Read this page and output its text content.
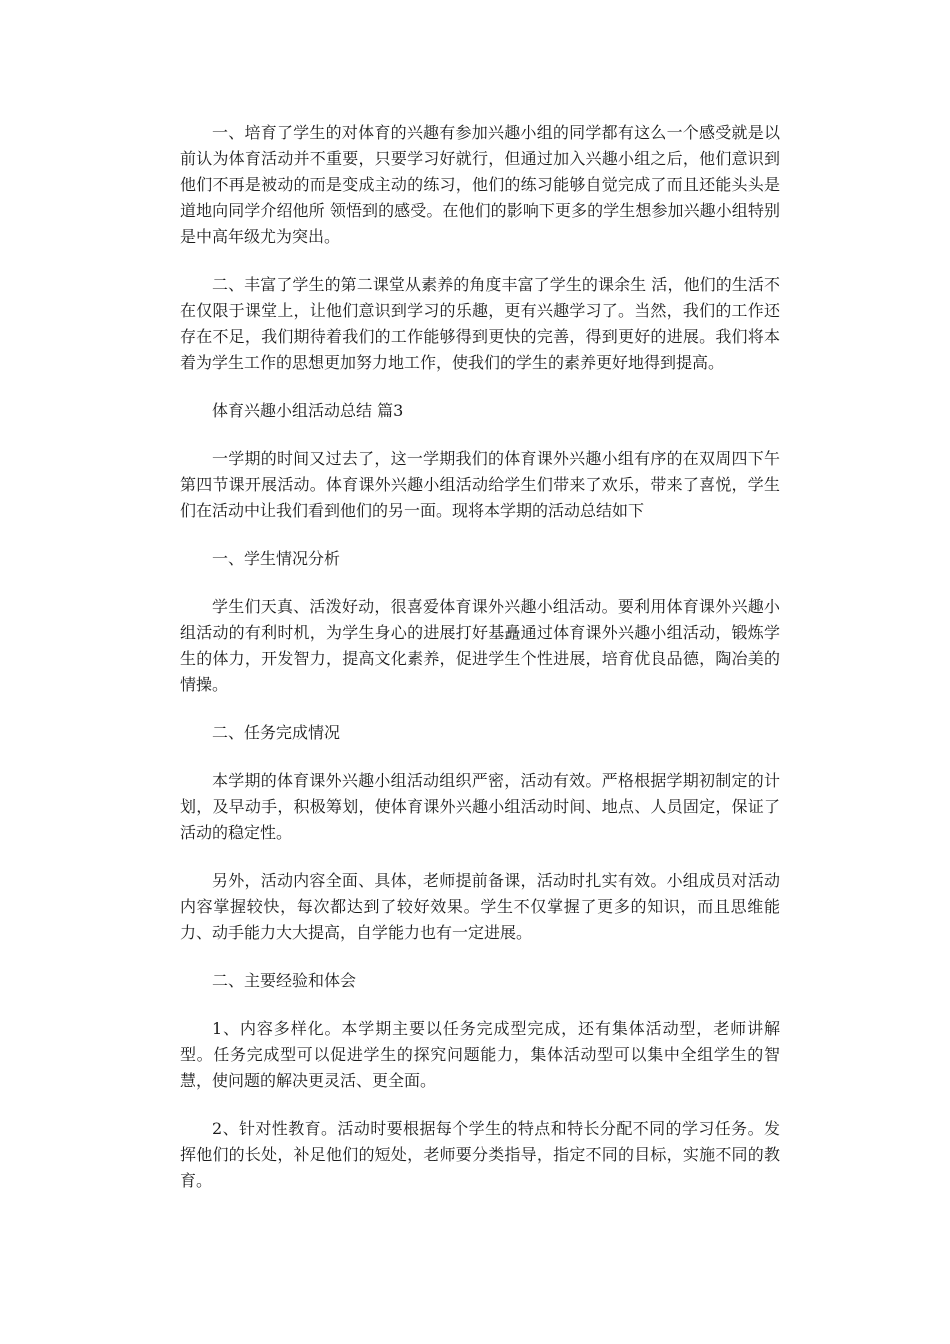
一、培育了学生的对体育的兴趣有参加兴趣小组的同学都有这么一个感受就是以前认为体育活动并不重要，只要学习好就行，但通过加入兴趣小组之后，他们意识到他们不再是被动的而是变成主动的练习，他们的练习能够自觉完成了而且还能头头是道地向同学介绍他所 领悟到的感受。在他们的影响下更多的学生想参加兴趣小组特别是中高年级尤为突出。

二、丰富了学生的第二课堂从素养的角度丰富了学生的课余生 活，他们的生活不在仅限于课堂上，让他们意识到学习的乐趣，更有兴趣学习了。当然，我们的工作还存在不足，我们期待着我们的工作能够得到更快的完善，得到更好的进展。我们将本着为学生工作的思想更加努力地工作，使我们的学生的素养更好地得到提高。

体育兴趣小组活动总结 篇3

一学期的时间又过去了，这一学期我们的体育课外兴趣小组有序的在双周四下午第四节课开展活动。体育课外兴趣小组活动给学生们带来了欢乐，带来了喜悦，学生们在活动中让我们看到他们的另一面。现将本学期的活动总结如下

一、学生情况分析

学生们天真、活泼好动，很喜爱体育课外兴趣小组活动。要利用体育课外兴趣小组活动的有利时机，为学生身心的进展打好基矗通过体育课外兴趣小组活动，锻炼学生的体力，开发智力，提高文化素养，促进学生个性进展，培育优良品德，陶冶美的情操。

二、任务完成情况

本学期的体育课外兴趣小组活动组织严密，活动有效。严格根据学期初制定的计划，及早动手，积极筹划，使体育课外兴趣小组活动时间、地点、人员固定，保证了活动的稳定性。

另外，活动内容全面、具体，老师提前备课，活动时扎实有效。小组成员对活动内容掌握较快，每次都达到了较好效果。学生不仅掌握了更多的知识，而且思维能力、动手能力大大提高，自学能力也有一定进展。

二、主要经验和体会

1、内容多样化。本学期主要以任务完成型完成，还有集体活动型，老师讲解型。任务完成型可以促进学生的探究问题能力，集体活动型可以集中全组学生的智慧，使问题的解决更灵活、更全面。

2、针对性教育。活动时要根据每个学生的特点和特长分配不同的学习任务。发挥他们的长处，补足他们的短处，老师要分类指导，指定不同的目标，实施不同的教育。
